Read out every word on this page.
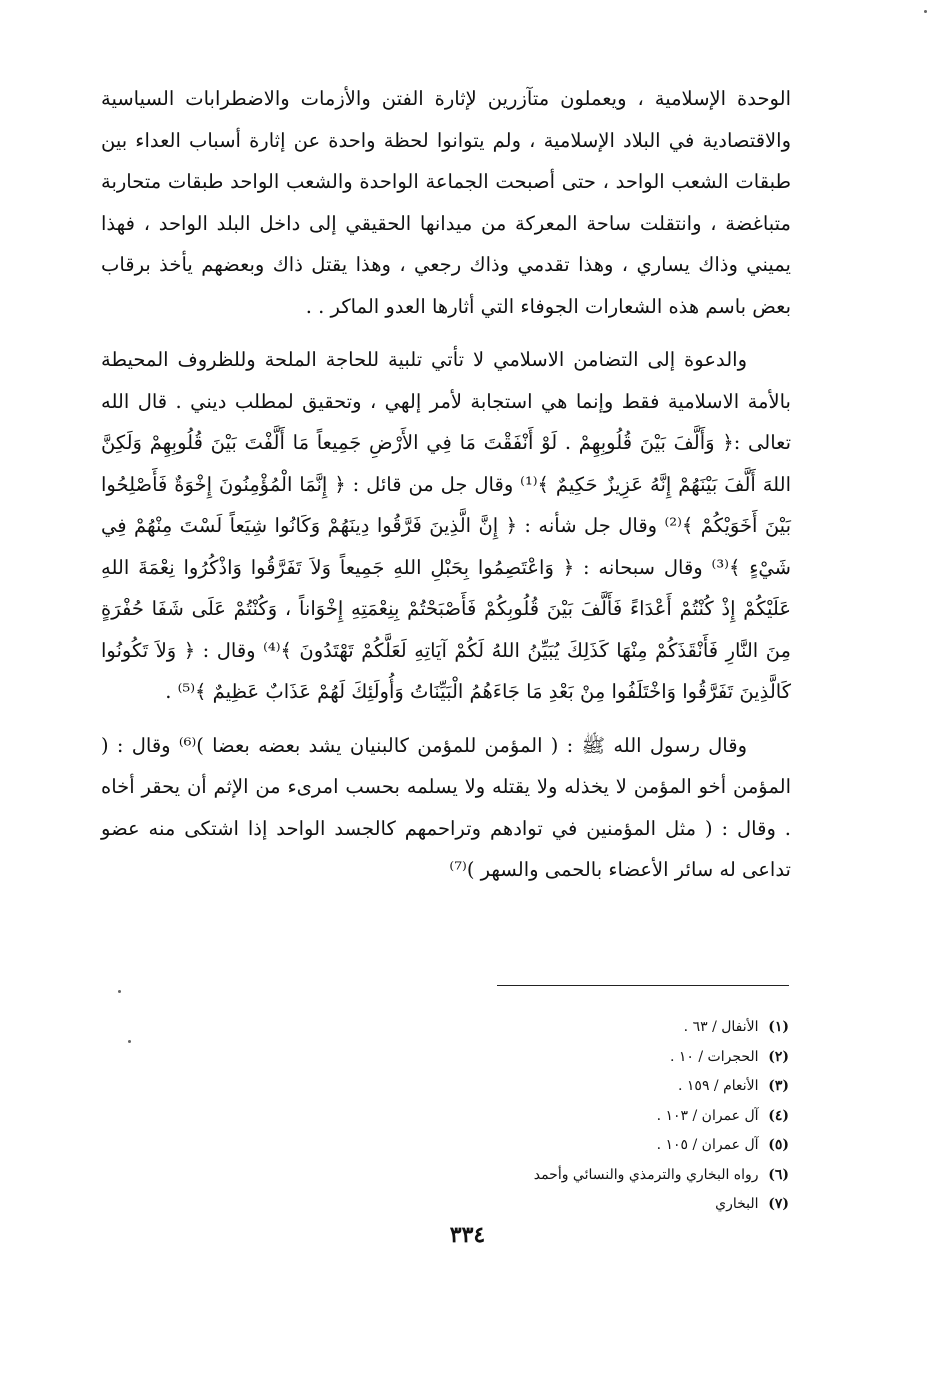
الوحدة الإسلامية ، ويعملون متآزرين لإثارة الفتن والأزمات والاضطرابات السياسية والاقتصادية في البلاد الإسلامية ، ولم يتوانوا لحظة واحدة عن إثارة أسباب العداء بين طبقات الشعب الواحد ، حتى أصبحت الجماعة الواحدة والشعب الواحد طبقات متحاربة متباغضة ، وانتقلت ساحة المعركة من ميدانها الحقيقي إلى داخل البلد الواحد ، فهذا يميني وذاك يساري ، وهذا تقدمي وذاك رجعي ، وهذا يقتل ذاك وبعضهم يأخذ برقاب بعض باسم هذه الشعارات الجوفاء التي أثارها العدو الماكر . .

والدعوة إلى التضامن الاسلامي لا تأتي تلبية للحاجة الملحة وللظروف المحيطة بالأمة الاسلامية فقط وإنما هي استجابة لأمر إلهي ، وتحقيق لمطلب ديني . قال الله تعالى :﴿ وَأَلَّفَ بَيْنَ قُلُوبِهِمْ . لَوْ أَنْفَقْتَ مَا فِي الأَرْضِ جَمِيعاً مَا أَلَّفْتَ بَيْنَ قُلُوبِهِمْ وَلَكِنَّ اللهَ أَلَّفَ بَيْنَهُمْ إِنَّهُ عَزِيزٌ حَكِيمٌ ﴾⁽¹⁾ وقال جل من قائل : ﴿ إِنَّمَا الْمُؤْمِنُونَ إِخْوَةٌ فَأَصْلِحُوا بَيْنَ أَخَوَيْكُمْ ﴾⁽²⁾ وقال جل شأنه : ﴿ إِنَّ الَّذِينَ فَرَّقُوا دِينَهُمْ وَكَانُوا شِيَعاً لَسْتَ مِنْهُمْ فِي شَيْءٍ ﴾⁽³⁾ وقال سبحانه : ﴿ وَاعْتَصِمُوا بِحَبْلِ اللهِ جَمِيعاً وَلاَ تَفَرَّقُوا وَاذْكُرُوا نِعْمَةَ اللهِ عَلَيْكُمْ إِذْ كُنْتُمْ أَعْدَاءً فَأَلَّفَ بَيْنَ قُلُوبِكُمْ فَأَصْبَحْتُمْ بِنِعْمَتِهِ إِخْوَاناً ، وَكُنْتُمْ عَلَى شَفَا حُفْرَةٍ مِنَ النَّارِ فَأَنْقَذَكُمْ مِنْهَا كَذَلِكَ يُبَيِّنُ اللهُ لَكُمْ آيَاتِهِ لَعَلَّكُمْ تَهْتَدُونَ ﴾⁽⁴⁾ وقال : ﴿ وَلاَ تَكُونُوا كَالَّذِينَ تَفَرَّقُوا وَاخْتَلَفُوا مِنْ بَعْدِ مَا جَاءَهُمُ الْبَيِّنَاتُ وَأُولَئِكَ لَهُمْ عَذَابٌ عَظِيمٌ ﴾⁽⁵⁾ .

وقال رسول الله ﷺ : ( المؤمن للمؤمن كالبنيان يشد بعضه بعضا )⁽⁶⁾ وقال : ( المؤمن أخو المؤمن لا يخذله ولا يقتله ولا يسلمه بحسب امرىء من الإثم أن يحقر أخاه . وقال : ( مثل المؤمنين في توادهم وتراحمهم كالجسد الواحد إذا اشتكى منه عضو تداعى له سائر الأعضاء بالحمى والسهر )⁽⁷⁾

(١) الأنفال / ٦٣ .
(٢) الحجرات / ١٠ .
(٣) الأنعام / ١٥٩ .
(٤) آل عمران / ١٠٣ .
(٥) آل عمران / ١٠٥ .
(٦) رواه البخاري والترمذي والنسائي وأحمد
(٧) البخاري
٣٣٤
